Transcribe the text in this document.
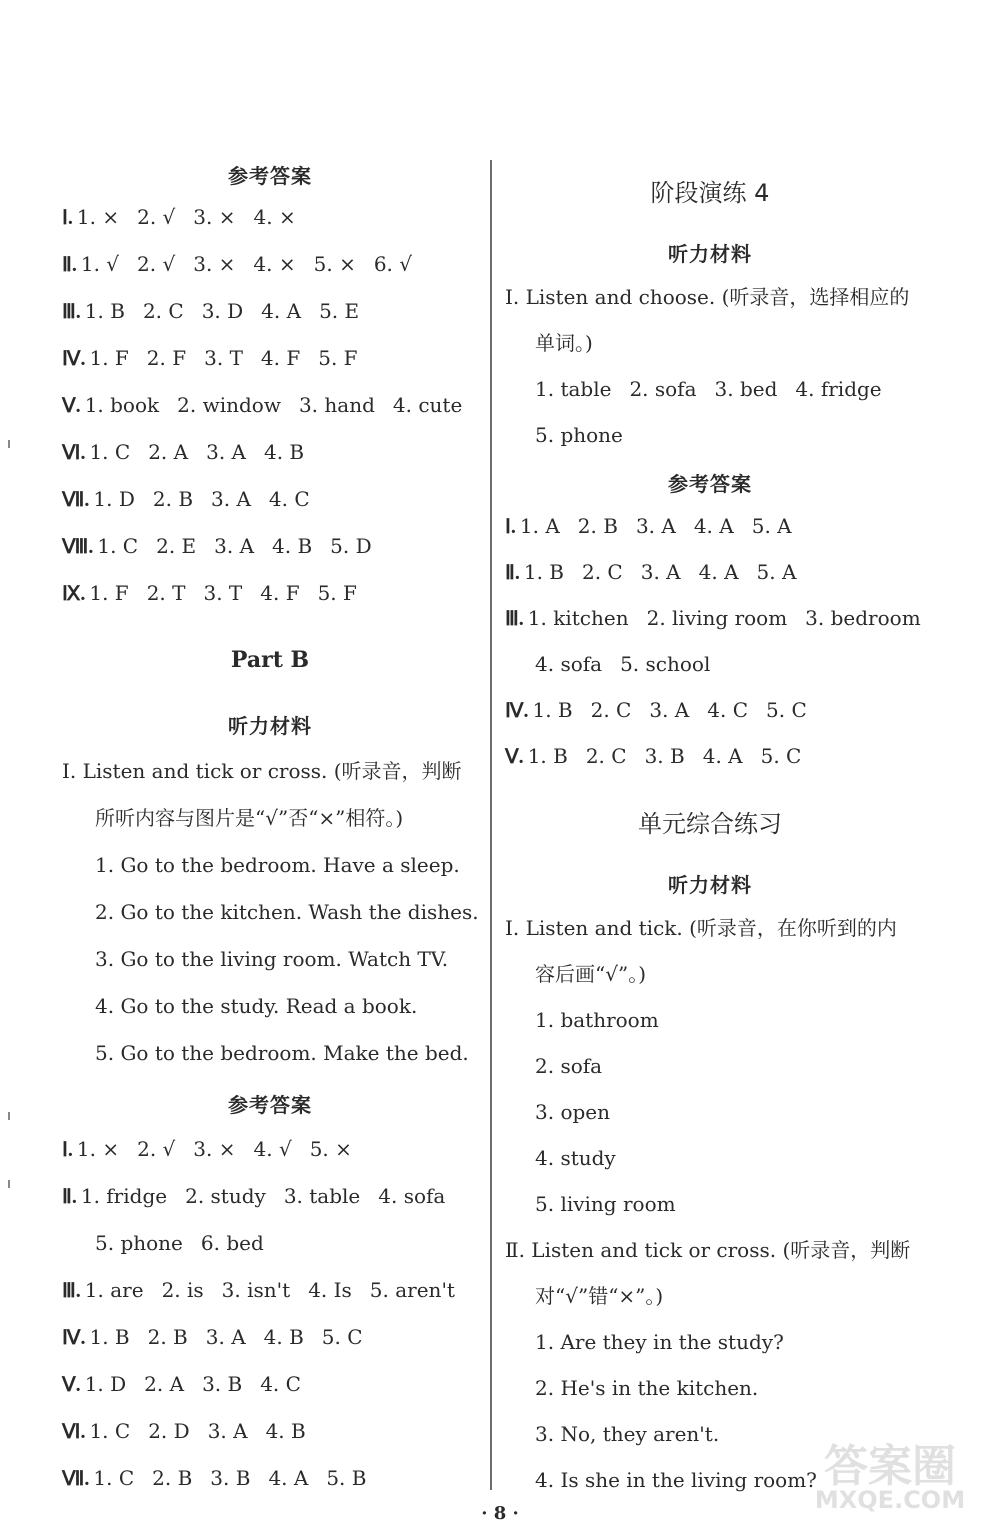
参考答案
Ⅰ. 1. × 2. √ 3. × 4. ×
Ⅱ. 1. √ 2. √ 3. × 4. × 5. × 6. √
Ⅲ. 1. B 2. C 3. D 4. A 5. E
Ⅳ. 1. F 2. F 3. T 4. F 5. F
Ⅴ. 1. book 2. window 3. hand 4. cute
Ⅵ. 1. C 2. A 3. A 4. B
Ⅶ. 1. D 2. B 3. A 4. C
Ⅷ. 1. C 2. E 3. A 4. B 5. D
Ⅸ. 1. F 2. T 3. T 4. F 5. F
Part B
听力材料
Ⅰ. Listen and tick or cross. (听录音，判断
所听内容与图片是“√”否“×”相符。)
1. Go to the bedroom. Have a sleep.
2. Go to the kitchen. Wash the dishes.
3. Go to the living room. Watch TV.
4. Go to the study. Read a book.
5. Go to the bedroom. Make the bed.
参考答案
Ⅰ. 1. × 2. √ 3. × 4. √ 5. ×
Ⅱ. 1. fridge 2. study 3. table 4. sofa
5. phone 6. bed
Ⅲ. 1. are 2. is 3. isn't 4. Is 5. aren't
Ⅳ. 1. B 2. B 3. A 4. B 5. C
Ⅴ. 1. D 2. A 3. B 4. C
Ⅵ. 1. C 2. D 3. A 4. B
Ⅶ. 1. C 2. B 3. B 4. A 5. B
阶段演练 4
听力材料
Ⅰ. Listen and choose. (听录音，选择相应的
单词。)
1. table 2. sofa 3. bed 4. fridge
5. phone
参考答案
Ⅰ. 1. A 2. B 3. A 4. A 5. A
Ⅱ. 1. B 2. C 3. A 4. A 5. A
Ⅲ. 1. kitchen 2. living room 3. bedroom
4. sofa 5. school
Ⅳ. 1. B 2. C 3. A 4. C 5. C
Ⅴ. 1. B 2. C 3. B 4. A 5. C
单元综合练习
听力材料
Ⅰ. Listen and tick. (听录音，在你听到的内
容后画“√”。)
1. bathroom
2. sofa
3. open
4. study
5. living room
Ⅱ. Listen and tick or cross. (听录音，判断
对“√”错“×”。)
1. Are they in the study?
2. He's in the kitchen.
3. No, they aren't.
4. Is she in the living room?
· 8 ·
答案圈
MXQE.COM
